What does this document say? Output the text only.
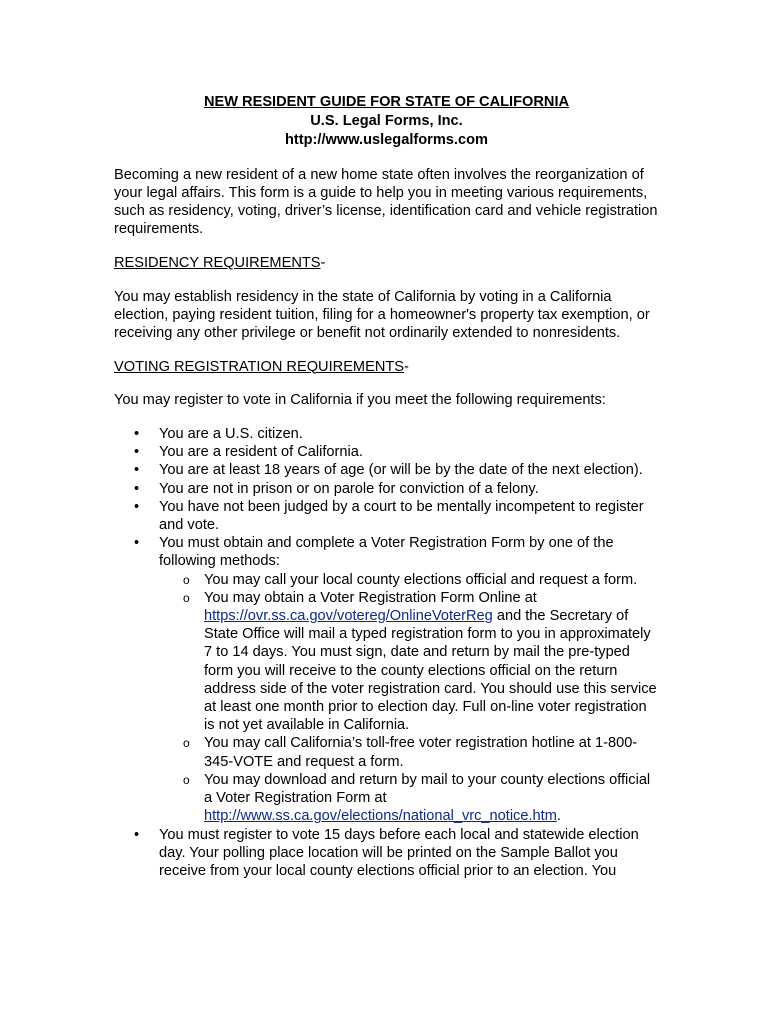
NEW RESIDENT GUIDE FOR STATE OF CALIFORNIA
U.S. Legal Forms, Inc.
http://www.uslegalforms.com

Becoming a new resident of a new home state often involves the reorganization of your legal affairs. This form is a guide to help you in meeting various requirements, such as residency, voting, driver’s license, identification card and vehicle registration requirements.

RESIDENCY REQUIREMENTS-

You may establish residency in the state of California by voting in a California election, paying resident tuition, filing for a homeowner's property tax exemption, or receiving any other privilege or benefit not ordinarily extended to nonresidents.

VOTING REGISTRATION REQUIREMENTS-

You may register to vote in California if you meet the following requirements:

• You are a U.S. citizen.
• You are a resident of California.
• You are at least 18 years of age (or will be by the date of the next election).
• You are not in prison or on parole for conviction of a felony.
• You have not been judged by a court to be mentally incompetent to register and vote.
• You must obtain and complete a Voter Registration Form by one of the following methods:
o You may call your local county elections official and request a form.
o You may obtain a Voter Registration Form Online at https://ovr.ss.ca.gov/votereg/OnlineVoterReg and the Secretary of State Office will mail a typed registration form to you in approximately 7 to 14 days. You must sign, date and return by mail the pre-typed form you will receive to the county elections official on the return address side of the voter registration card. You should use this service at least one month prior to election day. Full on-line voter registration is not yet available in California.
o You may call California’s toll-free voter registration hotline at 1-800-345-VOTE and request a form.
o You may download and return by mail to your county elections official a Voter Registration Form at http://www.ss.ca.gov/elections/national_vrc_notice.htm.
• You must register to vote 15 days before each local and statewide election day. Your polling place location will be printed on the Sample Ballot you receive from your local county elections official prior to an election. You
